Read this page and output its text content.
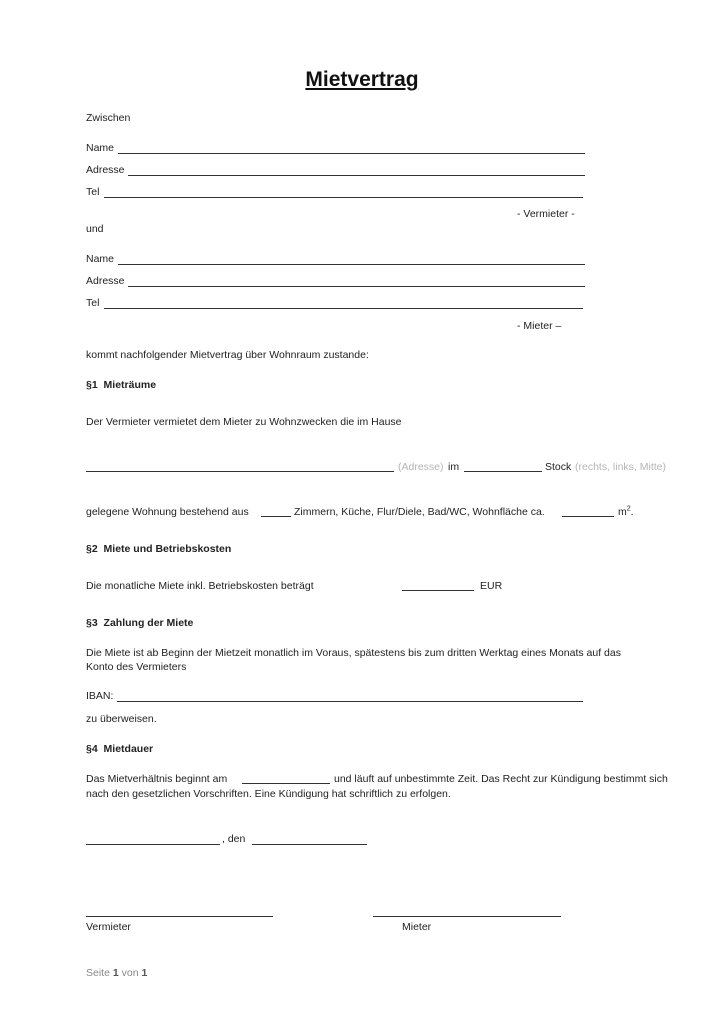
Mietvertrag
Zwischen
Name
Adresse
Tel
- Vermieter -
und
Name
Adresse
Tel
- Mieter –
kommt nachfolgender Mietvertrag über Wohnraum zustande:
§1 Mieträume
Der Vermieter vermietet dem Mieter zu Wohnzwecken die im Hause
(Adresse) im	Stock (rechts, links, Mitte)
gelegene Wohnung bestehend aus	Zimmern, Küche, Flur/Diele, Bad/WC, Wohnfläche ca.	$m^2$.
§2 Miete und Betriebskosten
Die monatliche Miete inkl. Betriebskosten beträgt	EUR
§3 Zahlung der Miete
Die Miete ist ab Beginn der Mietzeit monatlich im Voraus, spätestens bis zum dritten Werktag eines Monats auf das
Konto des Vermieters
IBAN:
zu überweisen.
§4 Mietdauer
Das Mietverhältnis beginnt am	und läuft auf unbestimmte Zeit. Das Recht zur Kündigung bestimmt sich
nach den gesetzlichen Vorschriften. Eine Kündigung hat schriftlich zu erfolgen.
, den
Vermieter	Mieter
Seite 1 von 1
